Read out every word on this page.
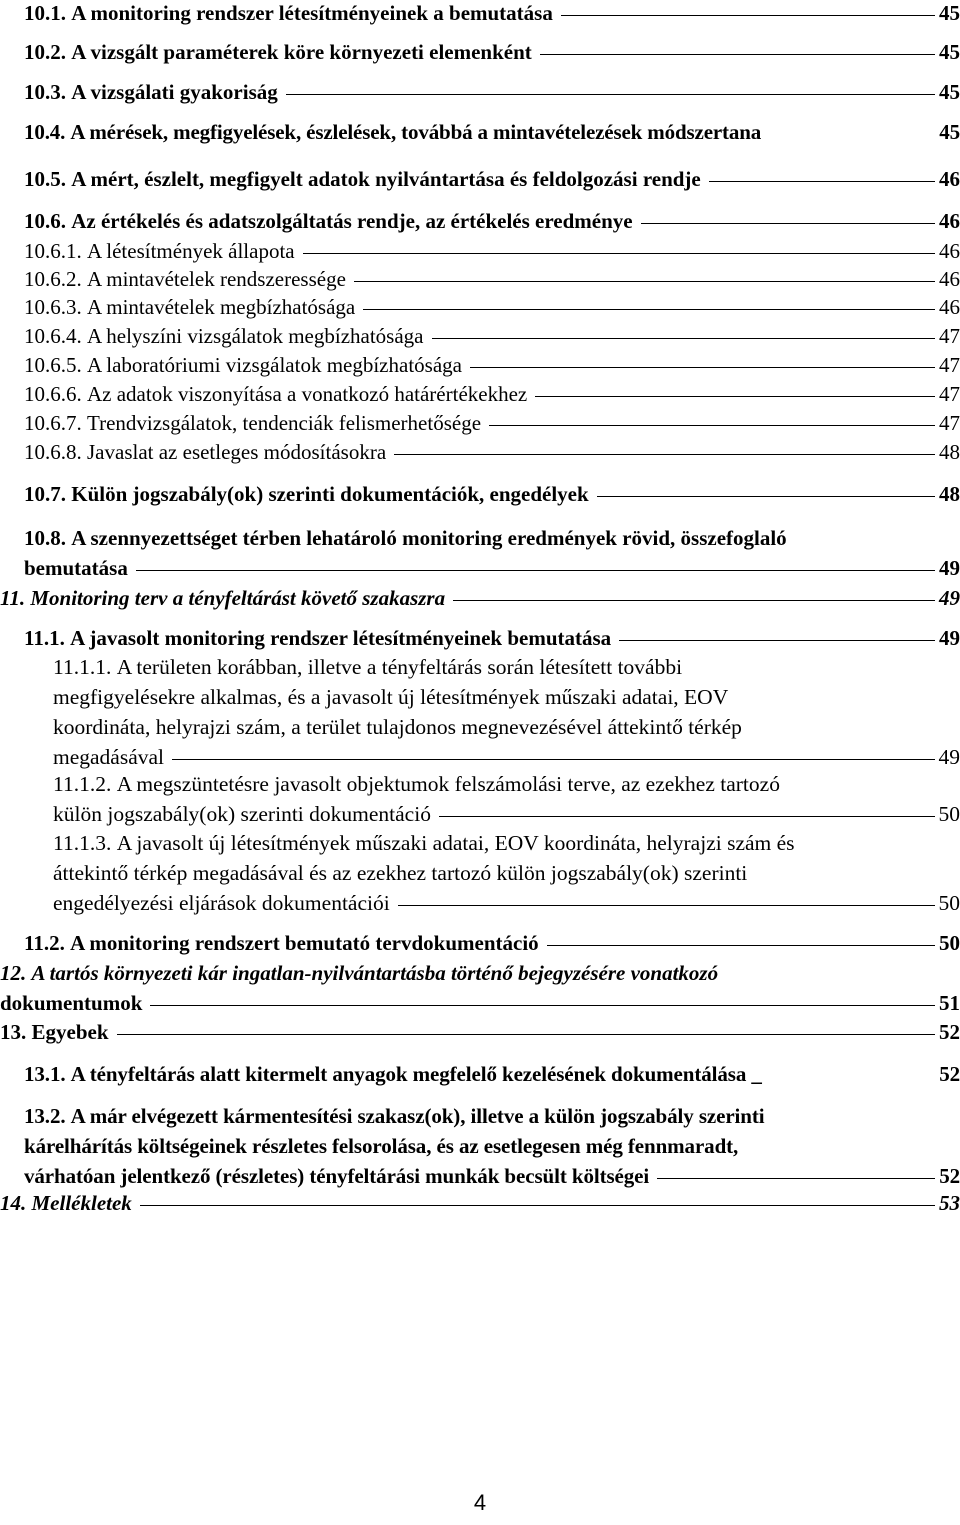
10.1.
A monitoring rendszer létesítményeinek a bemutatása	45
10.2.
A vizsgált paraméterek köre környezeti elemenként	45
10.3.
A vizsgálati gyakoriság	45
10.4.
A mérések, megfigyelések, észlelések, továbbá a mintavételezések módszertana	45
10.5.
A mért, észlelt, megfigyelt adatok nyilvántartása és feldolgozási rendje	46
10.6.
Az értékelés és adatszolgáltatás rendje, az értékelés eredménye	46
10.6.1.
A létesítmények állapota	46
10.6.2.
A mintavételek rendszeressége	46
10.6.3.
A mintavételek megbízhatósága	46
10.6.4.
A helyszíni vizsgálatok megbízhatósága	47
10.6.5.
A laboratóriumi vizsgálatok megbízhatósága	47
10.6.6.
Az adatok viszonyítása a vonatkozó határértékekhez	47
10.6.7.
Trendvizsgálatok, tendenciák felismerhetősége	47
10.6.8.
Javaslat az esetleges módosításokra	48
10.7.
Külön jogszabály(ok) szerinti dokumentációk, engedélyek	48
10.8. A szennyezettséget térben lehatároló monitoring eredmények rövid, összefoglaló
bemutatása	49
11.
Monitoring terv a tényfeltárást követő szakaszra	49
11.1.
A javasolt monitoring rendszer létesítményeinek bemutatása	49
11.1.1. A területen korábban, illetve a tényfeltárás során létesített további
megfigyelésekre alkalmas, és a javasolt új létesítmények műszaki adatai, EOV
koordináta, helyrajzi szám, a terület tulajdonos megnevezésével áttekintő térkép
megadásával	49
11.1.2. A megszüntetésre javasolt objektumok felszámolási terve, az ezekhez tartozó
külön jogszabály(ok) szerinti dokumentáció	50
11.1.3. A javasolt új létesítmények műszaki adatai, EOV koordináta, helyrajzi szám és
áttekintő térkép megadásával és az ezekhez tartozó külön jogszabály(ok) szerinti
engedélyezési eljárások dokumentációi	50
11.2.
A monitoring rendszert bemutató tervdokumentáció	50
12. A tartós környezeti kár ingatlan-nyilvántartásba történő bejegyzésére vonatkozó
dokumentumok	51
13.
Egyebek	52
13.1.
A tényfeltárás alatt kitermelt anyagok megfelelő kezelésének dokumentálása _	52
13.2. A már elvégezett kármentesítési szakasz(ok), illetve a külön jogszabály szerinti
kárelhárítás költségeinek részletes felsorolása, és az esetlegesen még fennmaradt,
várhatóan jelentkező (részletes) tényfeltárási munkák becsült költségei	52
14.
Mellékletek	53
4
